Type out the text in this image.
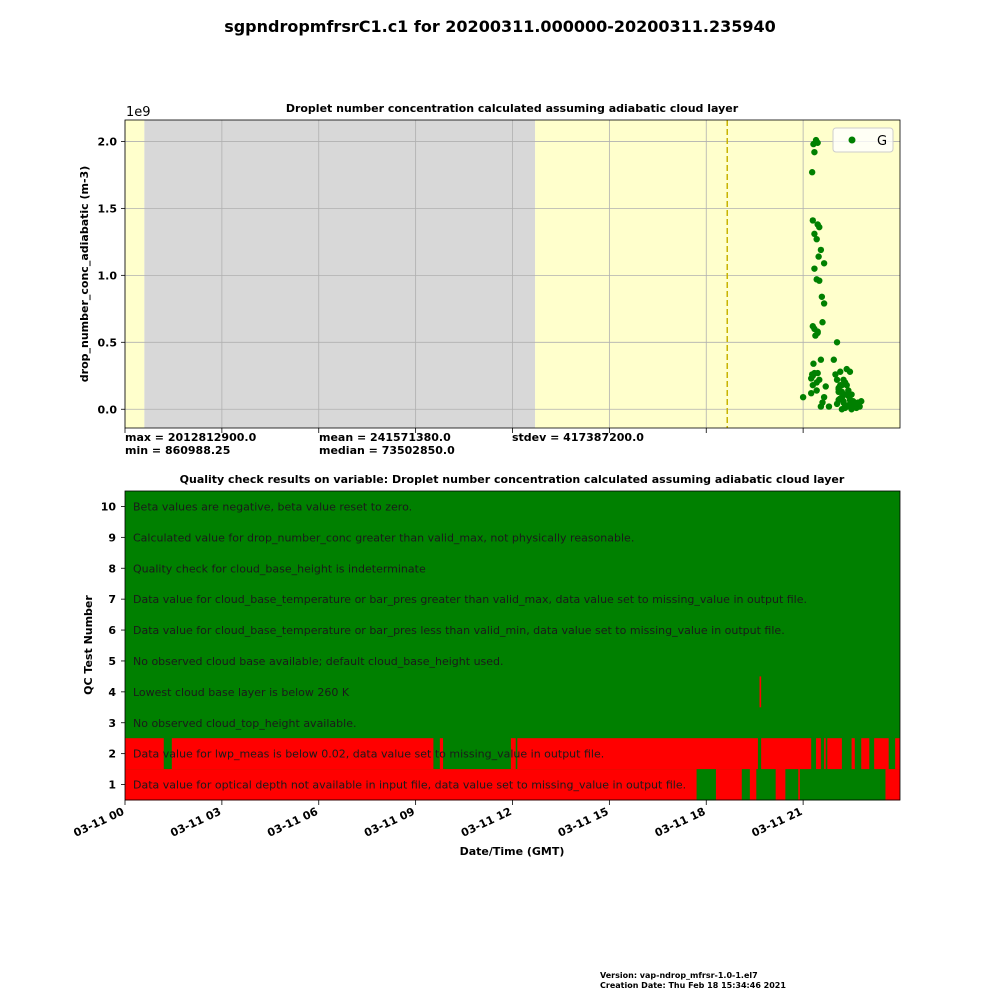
sgpndropmfrsrC1.c1 for 20200311.000000-20200311.235940
Droplet number concentration calculated assuming adiabatic cloud layer
0.0
0.5
1.0
1.5
2.0
1e9
drop_number_conc_adiabatic (m-3)
G
max = 2012812900.0
min = 860988.25
mean = 241571380.0
median = 73502850.0
stdev = 417387200.0
Quality check results on variable: Droplet number concentration calculated assuming adiabatic cloud layer
Beta values are negative, beta value reset to zero.
Calculated value for drop_number_conc greater than valid_max, not physically reasonable.
Quality check for cloud_base_height is indeterminate
Data value for cloud_base_temperature or bar_pres greater than valid_max, data value set to missing_value in output file.
Data value for cloud_base_temperature or bar_pres less than valid_min, data value set to missing_value in output file.
No observed cloud base available; default cloud_base_height used.
Lowest cloud base layer is below 260 K
No observed cloud_top_height available.
Data value for lwp_meas is below 0.02, data value set to missing_value in output file.
Data value for optical depth not available in input file, data value set to missing_value in output file.
10
9
8
7
6
5
4
3
2
1
03-11 00	03-11 03	03-11 06	03-11 09	03-11 12	03-11 15	03-11 18	03-11 21
QC Test Number
Date/Time (GMT)
Version: vap-ndrop_mfrsr-1.0-1.el7
Creation Date: Thu Feb 18 15:34:46 2021
